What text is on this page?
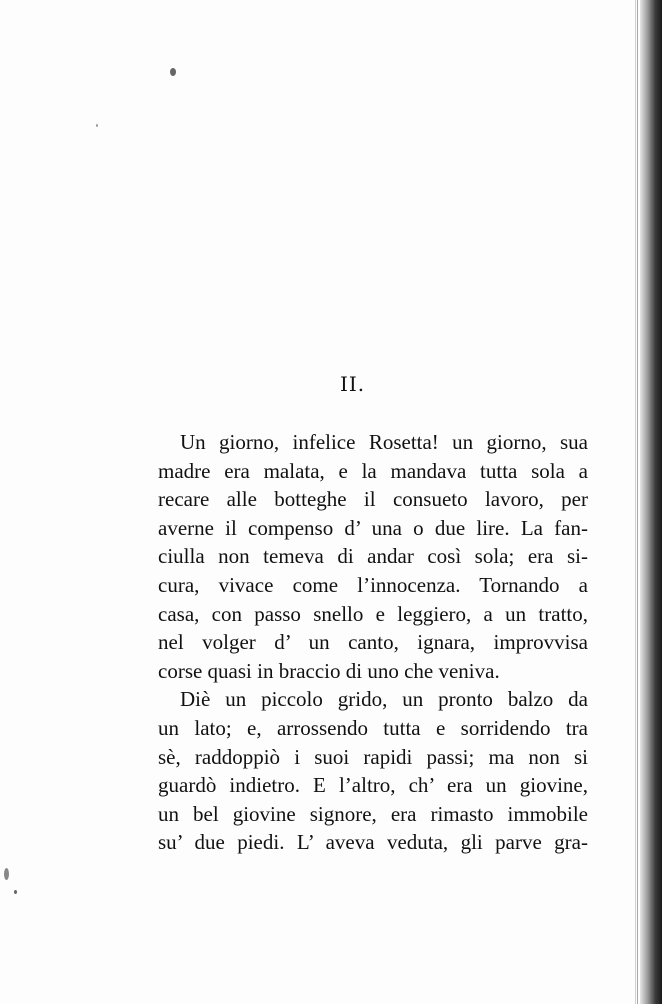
II.
Un giorno, infelice Rosetta! un giorno, sua
madre era malata, e la mandava tutta sola a
recare alle botteghe il consueto lavoro, per
averne il compenso d’ una o due lire. La fan-
ciulla non temeva di andar così sola; era si-
cura, vivace come l’innocenza. Tornando a
casa, con passo snello e leggiero, a un tratto,
nel volger d’ un canto, ignara, improvvisa
corse quasi in braccio di uno che veniva.
Diè un piccolo grido, un pronto balzo da
un lato; e, arrossendo tutta e sorridendo tra
sè, raddoppiò i suoi rapidi passi; ma non si
guardò indietro. E l’altro, ch’ era un giovine,
un bel giovine signore, era rimasto immobile
su’ due piedi. L’ aveva veduta, gli parve gra-
